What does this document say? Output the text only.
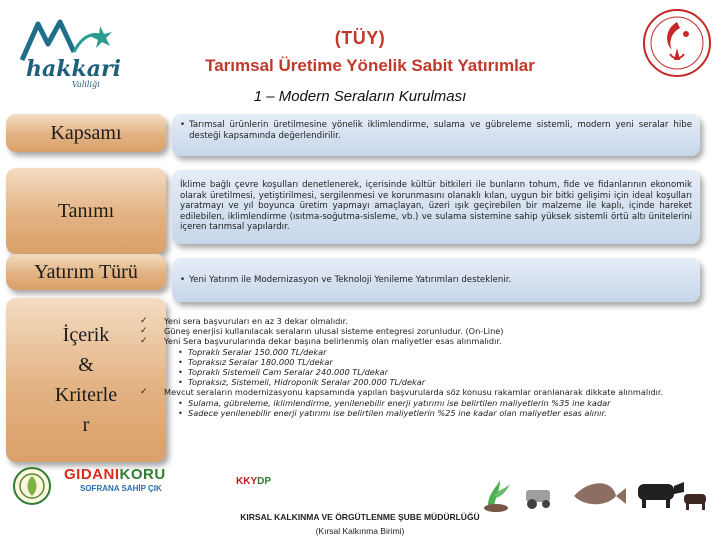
hakkari
Valiliği
(TÜY)
Tarımsal Üretime Yönelik Sabit Yatırımlar
1 – Modern Seraların Kurulması
Kapsamı	• Tarımsal ürünlerin üretilmesine yönelik iklimlendirme, sulama ve gübreleme sistemli, modern yeni seralar hibe desteği kapsamında değerlendirilir.
Tanımı
İklime bağlı çevre koşulları denetlenerek, içerisinde kültür bitkileri ile bunların tohum, fide ve fidanlarının ekonomik olarak üretilmesi, yetiştirilmesi, sergilenmesi ve korunmasını olanaklı kılan, uygun bir bitki gelişimi için ideal koşulları yaratmayı ve yıl boyunca üretim yapmayı amaçlayan, üzeri ışık geçirebilen bir malzeme ile kaplı, içinde hareket edilebilen, iklimlendirme (ısıtma-soğutma-sisleme, vb.) ve sulama sistemine sahip yüksek sistemli örtü altı ünitelerini içeren tarımsal yapılardır.
Yatırım Türü	• Yeni Yatırım ile Modernizasyon ve Teknoloji Yenileme Yatırımları desteklenir.
İçerik
&
Kriterle
r
✓ Yeni sera başvuruları en az 3 dekar olmalıdır.
✓ Güneş enerjisi kullanılacak seraların ulusal sisteme entegresi zorunludur. (On-Line)
✓ Yeni Sera başvurularında dekar başına belirlenmiş olan maliyetler esas alınmalıdır.
• Topraklı Seralar 150.000 TL/dekar
• Topraksız Seralar 180.000 TL/dekar
• Topraklı Sistemeli Cam Seralar 240.000 TL/dekar
• Topraksız, Sistemeli, Hidroponik Seralar 200.000 TL/dekar
✓ Mevcut seraların modernizasyonu kapsamında yapılan başvurularda söz konusu rakamlar oranlanarak dikkate alınmalıdır.
• Sulama, gübreleme, iklimlendirme, yenilenebilir enerji yatırımı ise belirtilen maliyetlerin %35 ine kadar
• Sadece yenilenebilir enerji yatırımı ise belirtilen maliyetlerin %25 ine kadar olan maliyetler esas alınır.
GIDANIKORU
SOFRANA SAHİP ÇIK
KKYDP
KIRSAL KALKINMA VE ÖRGÜTLENME ŞUBE MÜDÜRLÜĞÜ
(Kırsal Kalkınma Birimi)
